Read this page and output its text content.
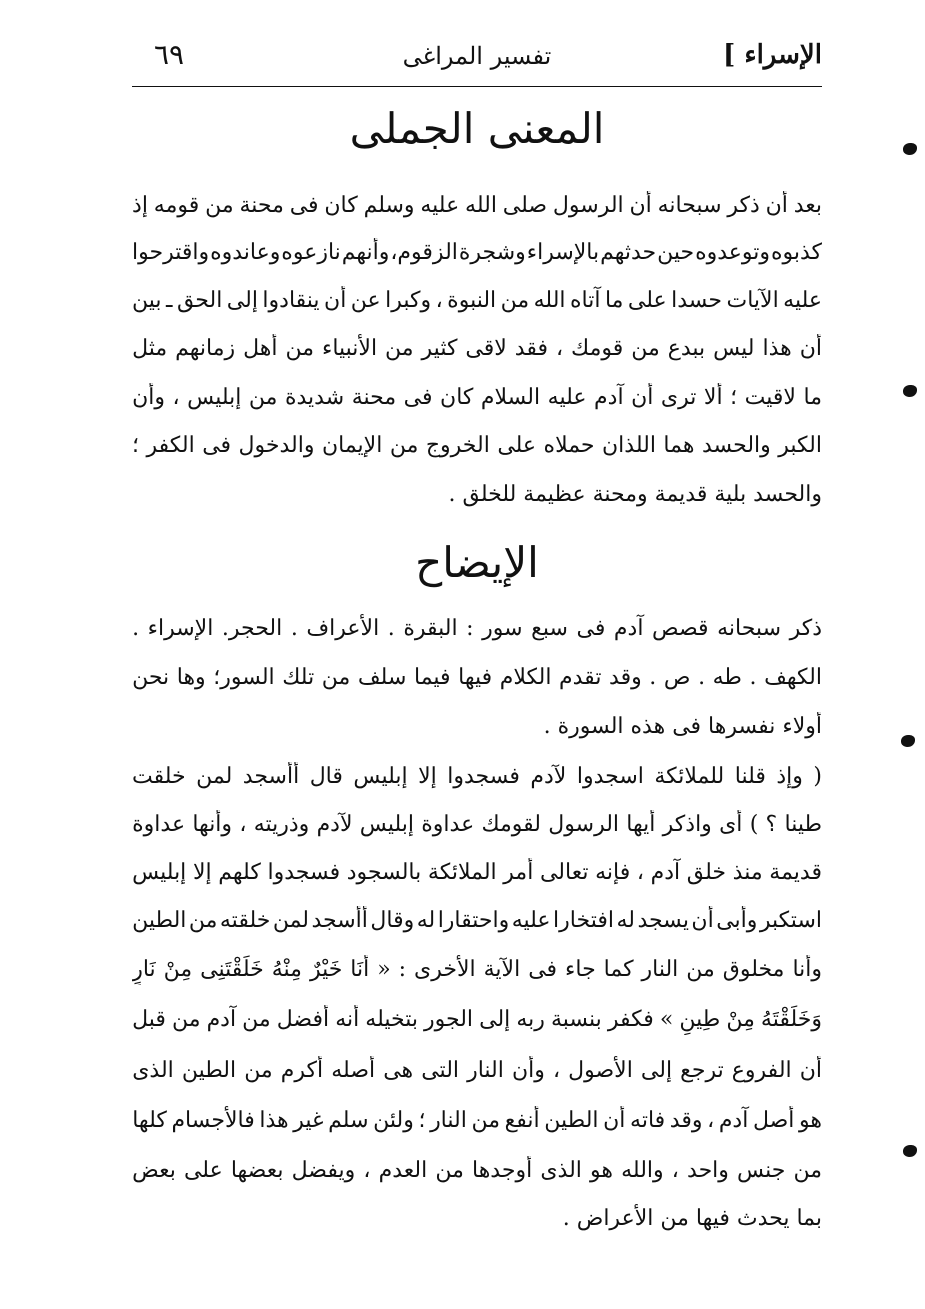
الإسراء ]
تفسير المراغى
٦٩
المعنى الجملى
بعد
أن
ذكر
سبحانه
أن
الرسول
صلى
الله
عليه
وسلم
كان
فى
محنة
من
قومه
إذ
كذبوه
وتوعدوه
حين
حدثهم
بالإسراء
وشجرة
الزقوم،
وأنهم
نازعوه
وعاندوه
واقترحوا
عليه
الآيات
حسدا
على
ما
آتاه
الله
من
النبوة
،
وكبرا
عن
أن
ينقادوا
إلى
الحق
ـ
بين
أن
هذا
ليس
ببدع
من
قومك
،
فقد
لاقى
كثير
من
الأنبياء
من
أهل
زمانهم
مثل
ما
لاقيت
؛
ألا
ترى
أن
آدم
عليه
السلام
كان
فى
محنة
شديدة
من
إبليس
،
وأن
الكبر
والحسد
هما
اللذان
حملاه
على
الخروج
من
الإيمان
والدخول
فى
الكفر
؛
والحسد بلية قديمة ومحنة عظيمة للخلق .
الإيضاح
ذكر
سبحانه
قصص
آدم
فى
سبع
سور
:
البقرة
.
الأعراف
.
الحجر.
الإسراء
.
الكهف
.
طه
.
ص
.
وقد
تقدم
الكلام
فيها
فيما
سلف
من
تلك
السور؛
وها
نحن
أولاء نفسرها فى هذه السورة .
(
وإذ
قلنا
للملائكة
اسجدوا
لآدم
فسجدوا
إلا
إبليس
قال
أأسجد
لمن
خلقت
طينا
؟
)
أى
واذكر
أيها
الرسول
لقومك
عداوة
إبليس
لآدم
وذريته
،
وأنها
عداوة
قديمة
منذ
خلق
آدم
،
فإنه
تعالى
أمر
الملائكة
بالسجود
فسجدوا
كلهم
إلا
إبليس
استكبر
وأبى
أن
يسجد
له
افتخارا
عليه
واحتقارا
له
وقال
أأسجد
لمن
خلقته
من
الطين
وأنا
مخلوق
من
النار
كما
جاء
فى
الآية
الأخرى
:
«
أَنَا
خَيْرٌ
مِنْهُ
خَلَقْتَنِى
مِنْ
نَارٍ
وَخَلَقْتَهُ
مِنْ
طِينٍ
»
فكفر
بنسبة
ربه
إلى
الجور
بتخيله
أنه
أفضل
من
آدم
من
قبل
أن
الفروع
ترجع
إلى
الأصول
،
وأن
النار
التى
هى
أصله
أكرم
من
الطين
الذى
هو
أصل
آدم
،
وقد
فاته
أن
الطين
أنفع
من
النار
؛
ولئن
سلم
غير
هذا
فالأجسام
كلها
من
جنس
واحد
،
والله
هو
الذى
أوجدها
من
العدم
،
ويفضل
بعضها
على
بعض
بما يحدث فيها من الأعراض .
